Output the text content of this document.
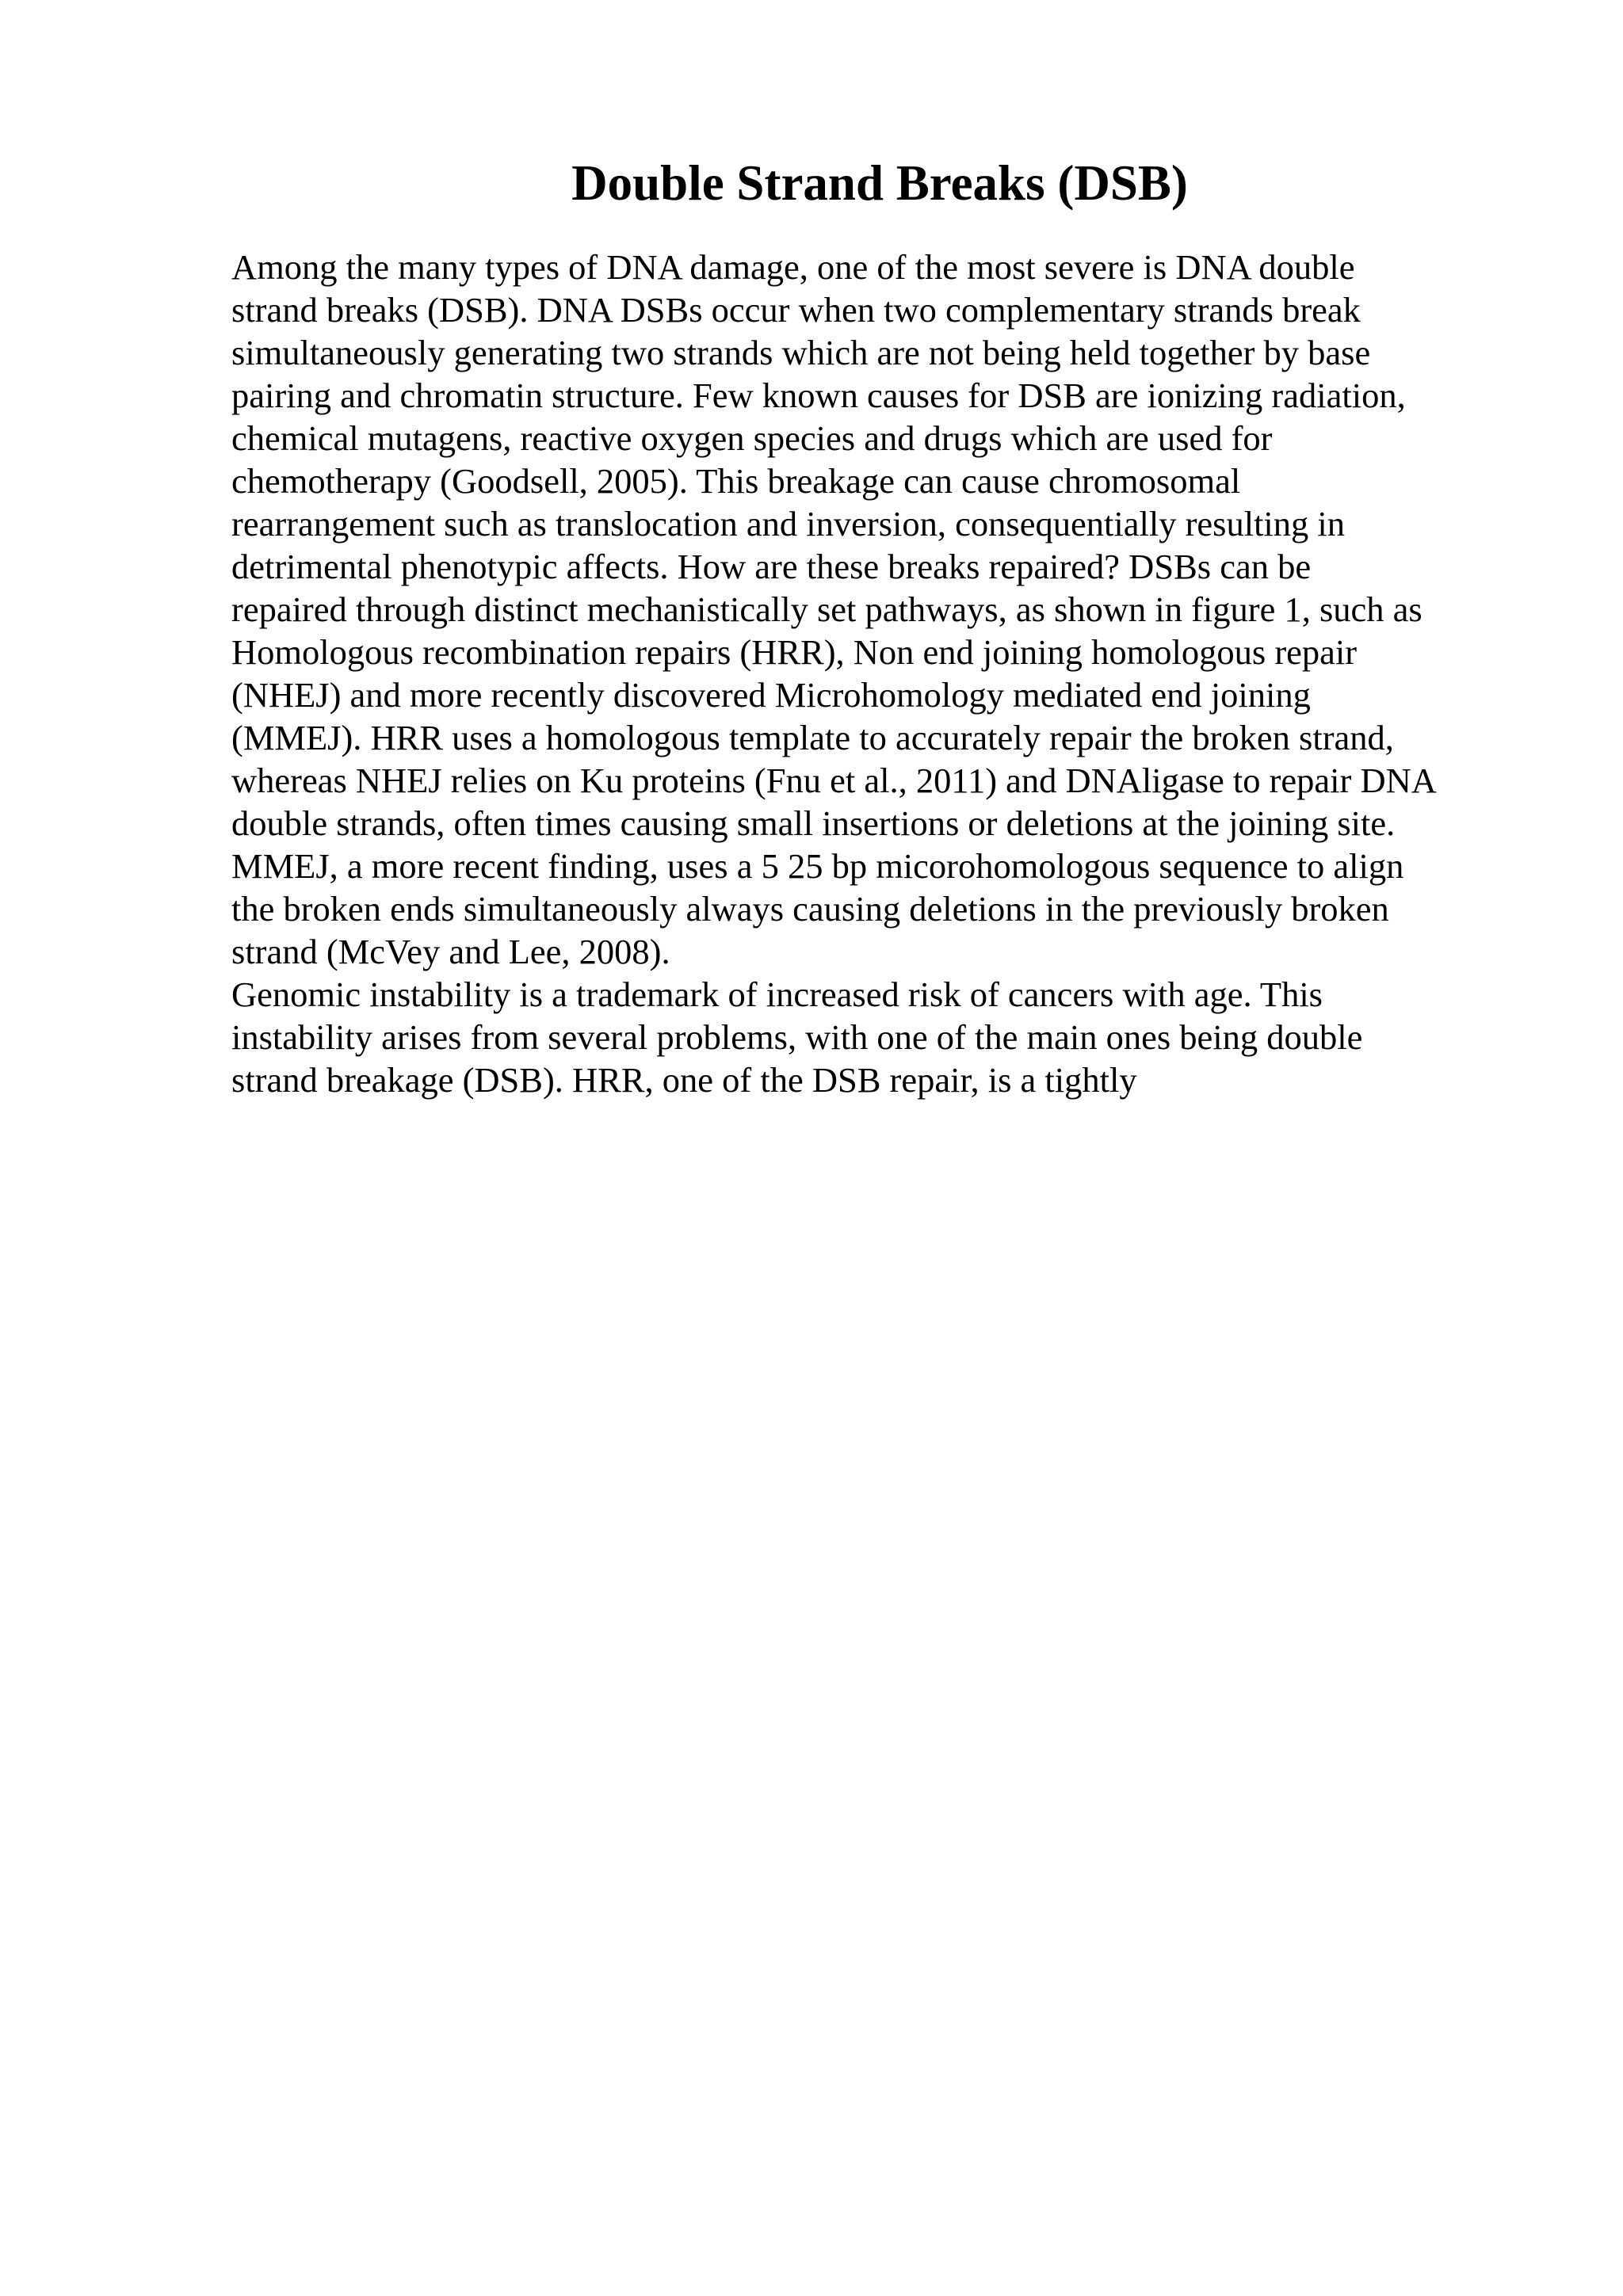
Double Strand Breaks (DSB)
Among the many types of DNA damage, one of the most severe is DNA double
strand breaks (DSB). DNA DSBs occur when two complementary strands break
simultaneously generating two strands which are not being held together by base
pairing and chromatin structure. Few known causes for DSB are ionizing radiation,
chemical mutagens, reactive oxygen species and drugs which are used for
chemotherapy (Goodsell, 2005). This breakage can cause chromosomal
rearrangement such as translocation and inversion, consequentially resulting in
detrimental phenotypic affects. How are these breaks repaired? DSBs can be
repaired through distinct mechanistically set pathways, as shown in figure 1, such as
Homologous recombination repairs (HRR), Non end joining homologous repair
(NHEJ) and more recently discovered Microhomology mediated end joining
(MMEJ). HRR uses a homologous template to accurately repair the broken strand,
whereas NHEJ relies on Ku proteins (Fnu et al., 2011) and DNAligase to repair DNA
double strands, often times causing small insertions or deletions at the joining site.
MMEJ, a more recent finding, uses a 5 25 bp micorohomologous sequence to align
the broken ends simultaneously always causing deletions in the previously broken
strand (McVey and Lee, 2008).
Genomic instability is a trademark of increased risk of cancers with age. This
instability arises from several problems, with one of the main ones being double
strand breakage (DSB). HRR, one of the DSB repair, is a tightly
